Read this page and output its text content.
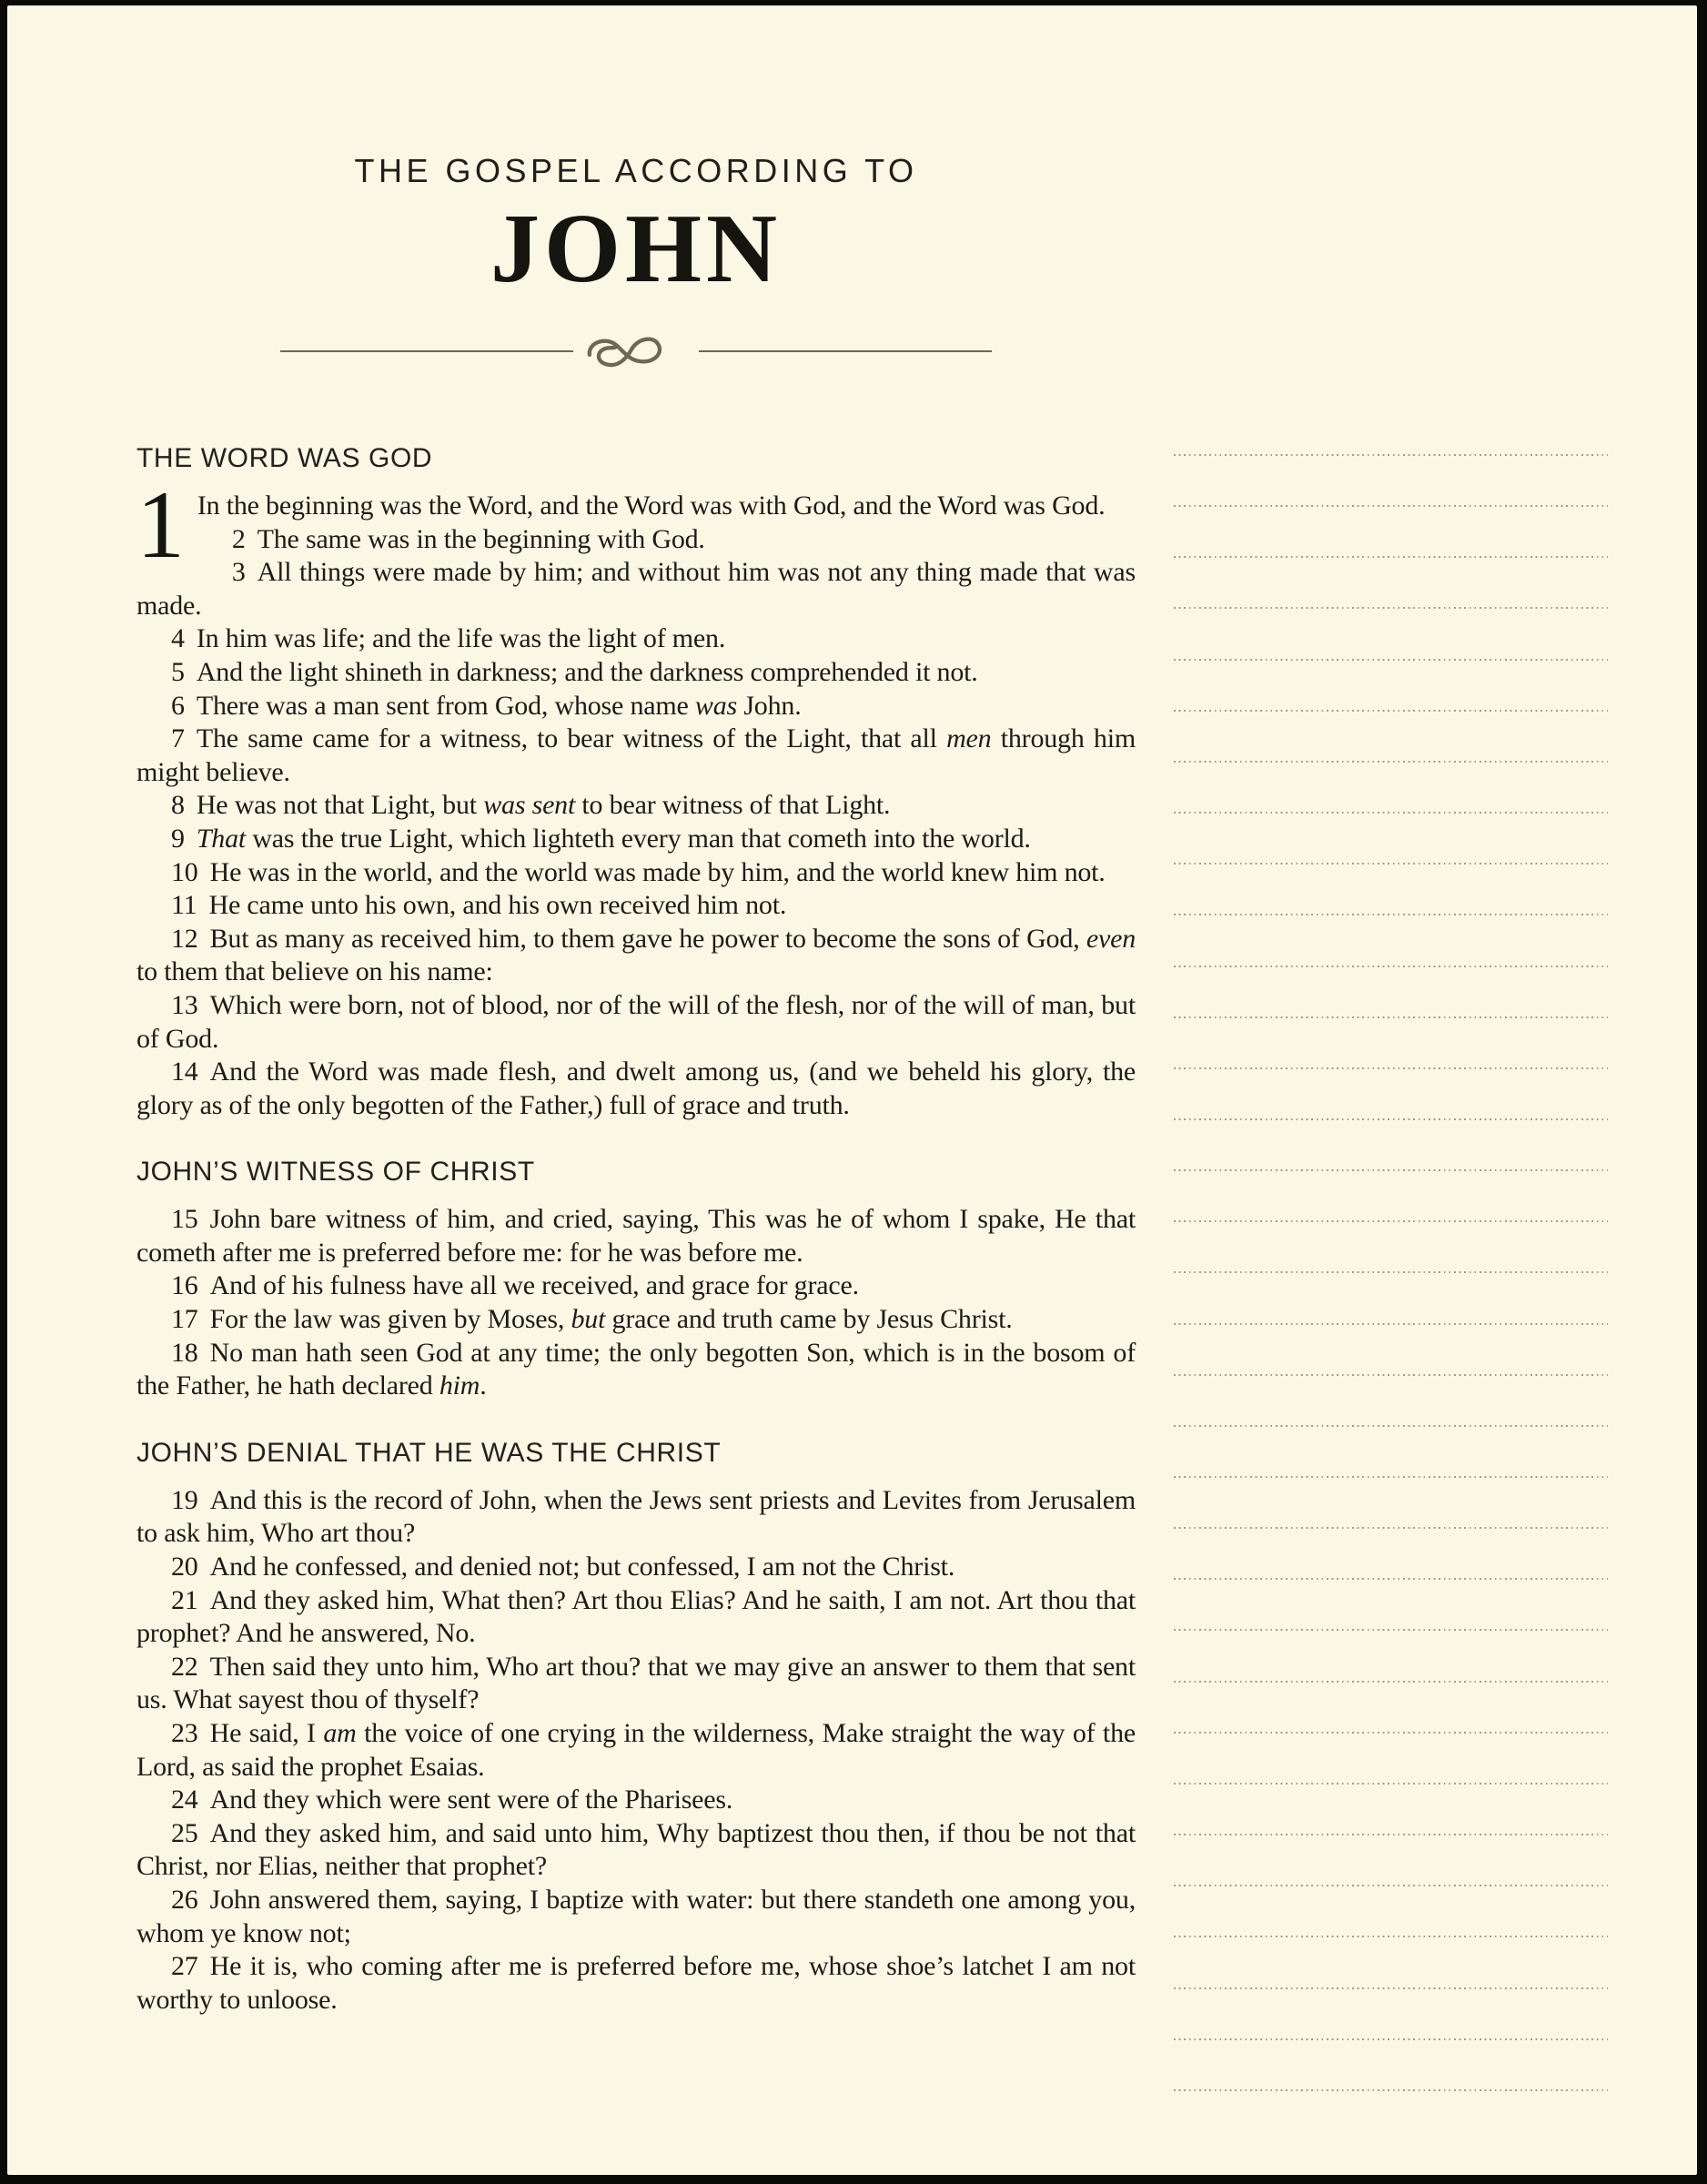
THE GOSPEL ACCORDING TO
JOHN
THE WORD WAS GOD

1 In the beginning was the Word, and the Word was with God, and the Word was God.

2 The same was in the beginning with God.

3 All things were made by him; and without him was not any thing made that was made.

4 In him was life; and the life was the light of men.

5 And the light shineth in darkness; and the darkness comprehended it not.

6 There was a man sent from God, whose name was John.

7 The same came for a witness, to bear witness of the Light, that all men through him might believe.

8 He was not that Light, but was sent to bear witness of that Light.

9 That was the true Light, which lighteth every man that cometh into the world.

10 He was in the world, and the world was made by him, and the world knew him not.

11 He came unto his own, and his own received him not.

12 But as many as received him, to them gave he power to become the sons of God, even to them that believe on his name:

13 Which were born, not of blood, nor of the will of the flesh, nor of the will of man, but of God.

14 And the Word was made flesh, and dwelt among us, (and we beheld his glory, the glory as of the only begotten of the Father,) full of grace and truth.

JOHN’S WITNESS OF CHRIST

15 John bare witness of him, and cried, saying, This was he of whom I spake, He that cometh after me is preferred before me: for he was before me.

16 And of his fulness have all we received, and grace for grace.

17 For the law was given by Moses, but grace and truth came by Jesus Christ.

18 No man hath seen God at any time; the only begotten Son, which is in the bosom of the Father, he hath declared him.

JOHN’S DENIAL THAT HE WAS THE CHRIST

19 And this is the record of John, when the Jews sent priests and Levites from Jerusalem to ask him, Who art thou?

20 And he confessed, and denied not; but confessed, I am not the Christ.

21 And they asked him, What then? Art thou Elias? And he saith, I am not. Art thou that prophet? And he answered, No.

22 Then said they unto him, Who art thou? that we may give an answer to them that sent us. What sayest thou of thyself?

23 He said, I am the voice of one crying in the wilderness, Make straight the way of the Lord, as said the prophet Esaias.

24 And they which were sent were of the Pharisees.

25 And they asked him, and said unto him, Why baptizest thou then, if thou be not that Christ, nor Elias, neither that prophet?

26 John answered them, saying, I baptize with water: but there standeth one among you, whom ye know not;

27 He it is, who coming after me is preferred before me, whose shoe’s latchet I am not worthy to unloose.
